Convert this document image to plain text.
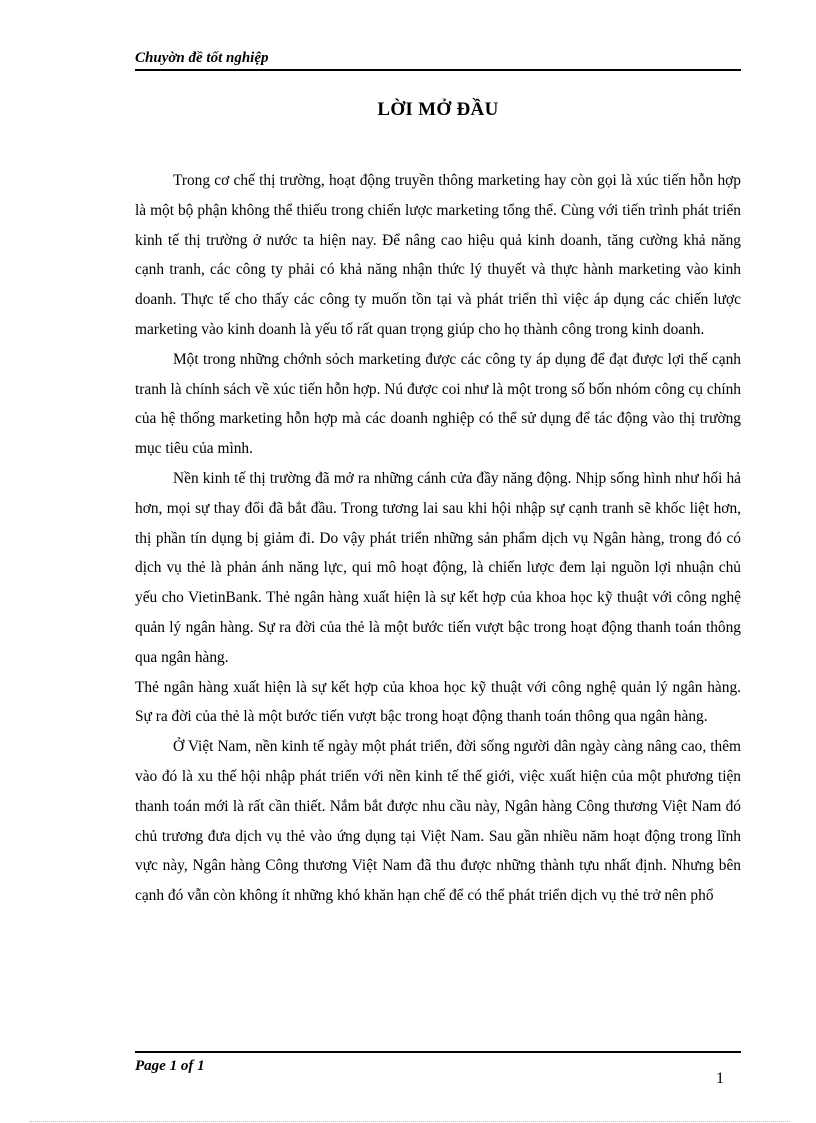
Chuyờn đề tốt nghiệp
LỜI MỞ ĐẦU

Trong cơ chế thị trường, hoạt động truyền thông marketing hay còn gọi là xúc tiến hỗn hợp là một bộ phận không thể thiếu trong chiến lược marketing tổng thể. Cùng với tiến trình phát triển kinh tế thị trường ở nước ta hiện nay. Để nâng cao hiệu quả kinh doanh, tăng cường khả năng cạnh tranh, các công ty phải có khả năng nhận thức lý thuyết và thực hành marketing vào kinh doanh. Thực tế cho thấy các công ty muốn tồn tại và phát triển thì việc áp dụng các chiến lược marketing vào kinh doanh là yếu tố rất quan trọng giúp cho họ thành công trong kinh doanh.

Một trong những chớnh sỏch marketing được các công ty áp dụng để đạt được lợi thế cạnh tranh là chính sách về xúc tiến hỗn hợp. Nú được coi như là một trong số bốn nhóm công cụ chính của hệ thống marketing hỗn hợp mà các doanh nghiệp có thể sử dụng để tác động vào thị trường mục tiêu của mình.

Nền kinh tế thị trường đã mở ra những cánh cửa đầy năng động. Nhịp sống hình như hối hả hơn, mọi sự thay đổi đã bắt đầu. Trong tương lai sau khi hội nhập sự cạnh tranh sẽ khốc liệt hơn, thị phần tín dụng bị giảm đi. Do vậy phát triển những sản phẩm dịch vụ Ngân hàng, trong đó có dịch vụ thẻ là phản ánh năng lực, qui mô hoạt động, là chiến lược đem lại nguồn lợi nhuận chủ yếu cho VietinBank. Thẻ ngân hàng xuất hiện là sự kết hợp của khoa học kỹ thuật với công nghệ quản lý ngân hàng. Sự ra đời của thẻ là một bước tiến vượt bậc trong hoạt động thanh toán thông qua ngân hàng.

Thẻ ngân hàng xuất hiện là sự kết hợp của khoa học kỹ thuật với công nghệ quản lý ngân hàng. Sự ra đời của thẻ là một bước tiến vượt bậc trong hoạt động thanh toán thông qua ngân hàng.

Ở Việt Nam, nền kinh tế ngày một phát triển, đời sống người dân ngày càng nâng cao, thêm vào đó là xu thế hội nhập phát triển với nền kinh tế thế giới, việc xuất hiện của một phương tiện thanh toán mới là rất cần thiết. Nắm bắt được nhu cầu này, Ngân hàng Công thương Việt Nam đó chủ trương đưa dịch vụ thẻ vào ứng dụng tại Việt Nam. Sau gần nhiều năm hoạt động trong lĩnh vực này, Ngân hàng Công thương Việt Nam đã thu được những thành tựu nhất định. Nhưng bên cạnh đó vẫn còn không ít những khó khăn hạn chế để có thể phát triển dịch vụ thẻ trở nên phổ

Page 1 of 1
1
